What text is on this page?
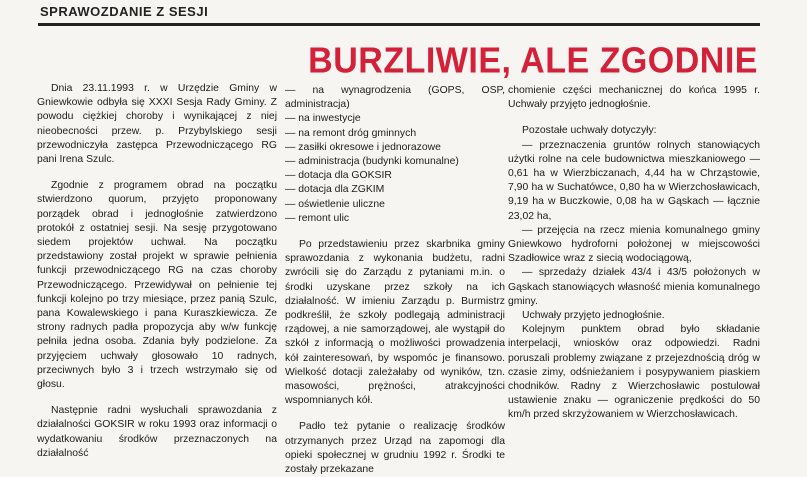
SPRAWOZDANIE Z SESJI
BURZLIWIE, ALE ZGODNIE

Dnia 23.11.1993 r. w Urzędzie Gminy w Gniewkowie odbyła się XXXI Sesja Rady Gminy. Z powodu ciężkiej choroby i wynikającej z niej nieobecności przew. p. Przybylskiego sesji przewodniczyła zastępca Przewodniczącego RG pani Irena Szulc.

Zgodnie z programem obrad na początku stwierdzono quorum, przyjęto proponowany porządek obrad i jednogłośnie zatwierdzono protokół z ostatniej sesji. Na sesję przygotowano siedem projektów uchwał. Na początku przedstawiony został projekt w sprawie pełnienia funkcji przewodniczącego RG na czas choroby Przewodniczącego. Przewidywał on pełnienie tej funkcji kolejno po trzy miesiące, przez panią Szulc, pana Kowalewskiego i pana Kuraszkiewicza. Ze strony radnych padła propozycja aby w/w funkcję pełniła jedna osoba. Zdania były podzielone. Za przyjęciem uchwały głosowało 10 radnych, przeciwnych było 3 i trzech wstrzymało się od głosu.

Następnie radni wysłuchali sprawozdania z działalności GOKSIR w roku 1993 oraz informacji o wydatkowaniu środków przeznaczonych na działalność

— na wynagrodzenia (GOPS, OSP, administracja)

— na inwestycje
— na remont dróg gminnych
— zasiłki okresowe i jednorazowe
— administracja (budynki komunalne)
— dotacja dla GOKSIR
— dotacja dla ZGKIM
— oświetlenie uliczne
— remont ulic

Po przedstawieniu przez skarbnika gminy sprawozdania z wykonania budżetu, radni zwrócili się do Zarządu z pytaniami m.in. o środki uzyskane przez szkoły na ich działalność. W imieniu Zarządu p. Burmistrz podkreślił, że szkoły podlegają administracji rządowej, a nie samorządowej, ale wystąpił do szkół z informacją o możliwości prowadzenia kół zainteresowań, by wspomóc je finansowo. Wielkość dotacji zależałaby od wyników, tzn. masowości, prężności, atrakcyjności wspomnianych kół.

Padło też pytanie o realizację środków otrzymanych przez Urząd na zapomogi dla opieki społecznej w grudniu 1992 r. Środki te zostały przekazane

chomienie części mechanicznej do końca 1995 r. Uchwały przyjęto jednogłośnie.

Pozostałe uchwały dotyczyły:

— przeznaczenia gruntów rolnych stanowiących użytki rolne na cele budownictwa mieszkaniowego — 0,61 ha w Wierzbiczanach, 4,44 ha w Chrząstowie, 7,90 ha w Suchatówce, 0,80 ha w Wierzchosławicach, 9,19 ha w Buczkowie, 0,08 ha w Gąskach — łącznie 23,02 ha,

— przejęcia na rzecz mienia komunalnego gminy Gniewkowo hydroforni położonej w miejscowości Szadłowice wraz z siecią wodociągową,

— sprzedaży działek 43/4 i 43/5 położonych w Gąskach stanowiących własność mienia komunalnego gminy.

Uchwały przyjęto jednogłośnie.

Kolejnym punktem obrad było składanie interpelacji, wniosków oraz odpowiedzi. Radni poruszali problemy związane z przejezdnością dróg w czasie zimy, odśnieżaniem i posypywaniem piaskiem chodników. Radny z Wierzchosławic postulował ustawienie znaku — ograniczenie prędkości do 50 km/h przed skrzyżowaniem w Wierzchosławicach.
